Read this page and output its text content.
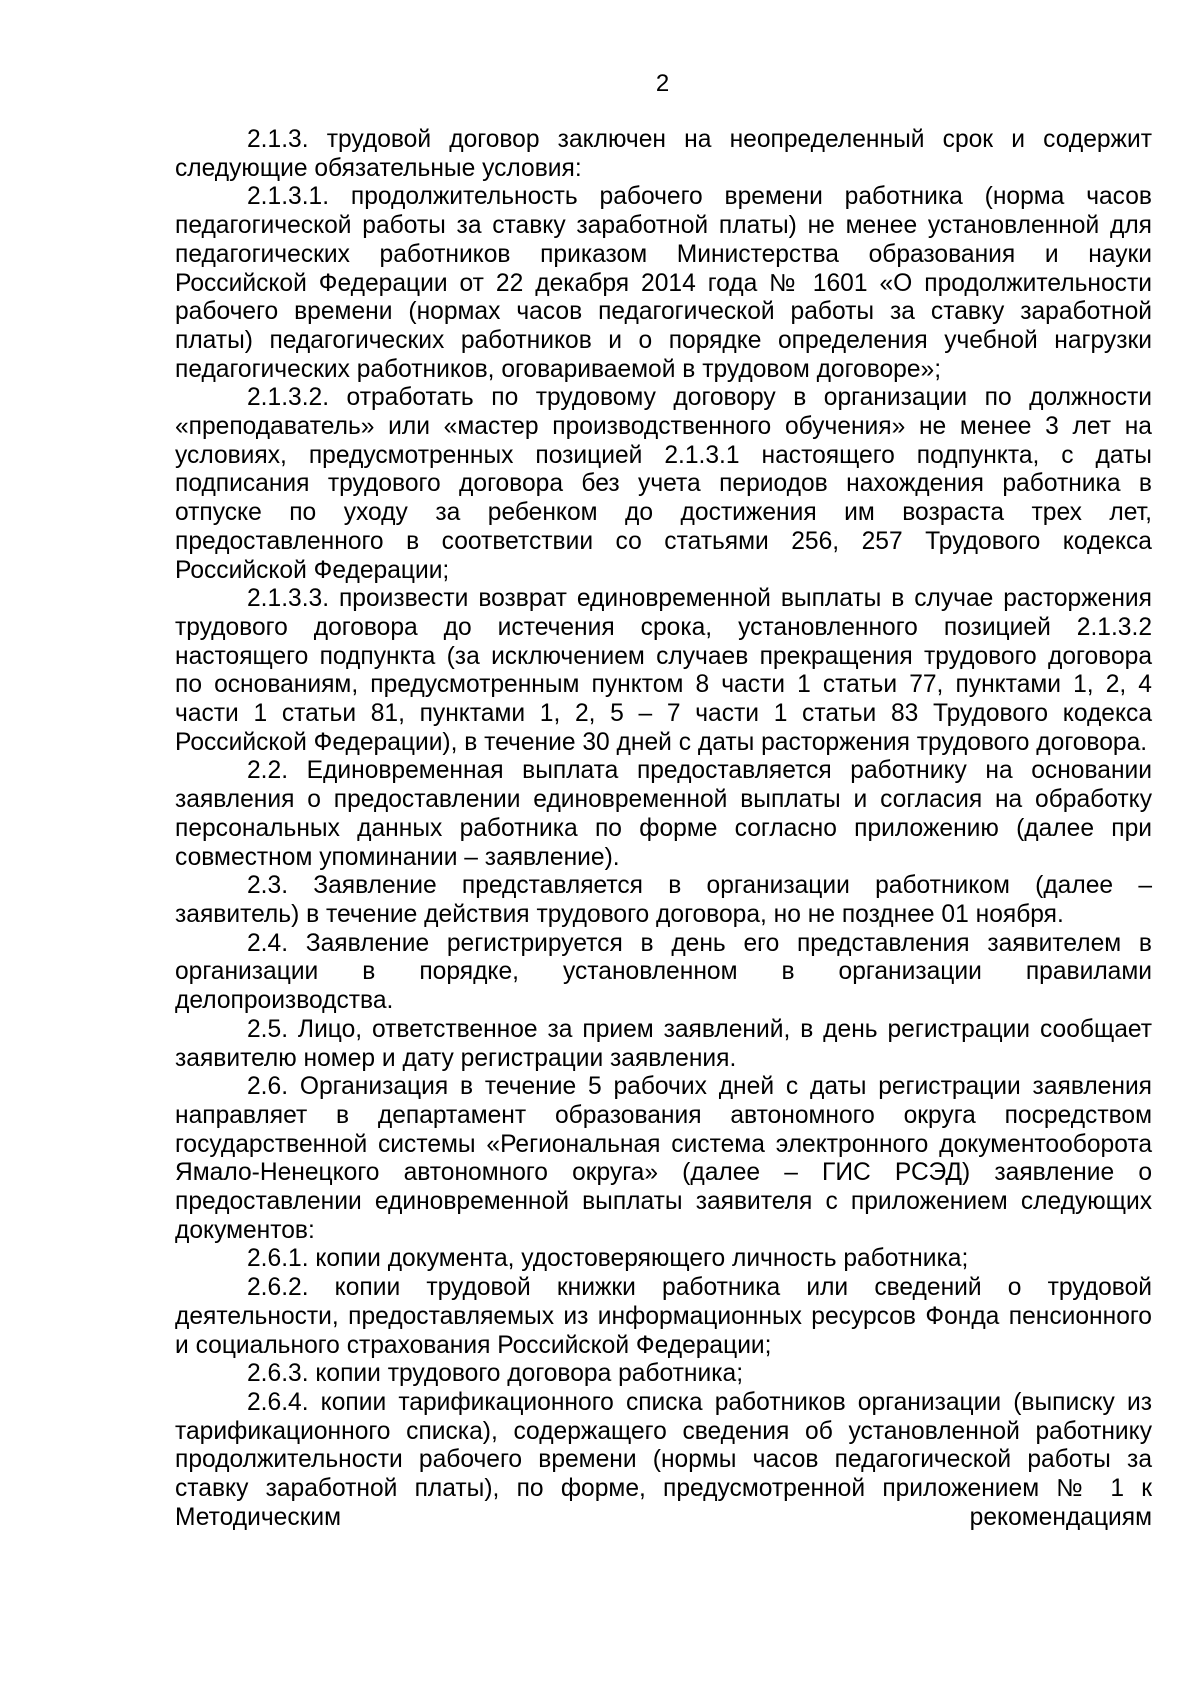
2

2.1.3. трудовой договор заключен на неопределенный срок и содержит следующие обязательные условия:

2.1.3.1. продолжительность рабочего времени работника (норма часов педагогической работы за ставку заработной платы) не менее установленной для педагогических работников приказом Министерства образования и науки Российской Федерации от 22 декабря 2014 года № 1601 «О продолжительности рабочего времени (нормах часов педагогической работы за ставку заработной платы) педагогических работников и о порядке определения учебной нагрузки педагогических работников, оговариваемой в трудовом договоре»;

2.1.3.2. отработать по трудовому договору в организации по должности «преподаватель» или «мастер производственного обучения» не менее 3 лет на условиях, предусмотренных позицией 2.1.3.1 настоящего подпункта, с даты подписания трудового договора без учета периодов нахождения работника в отпуске по уходу за ребенком до достижения им возраста трех лет, предоставленного в соответствии со статьями 256, 257 Трудового кодекса Российской Федерации;

2.1.3.3. произвести возврат единовременной выплаты в случае расторжения трудового договора до истечения срока, установленного позицией 2.1.3.2 настоящего подпункта (за исключением случаев прекращения трудового договора по основаниям, предусмотренным пунктом 8 части 1 статьи 77, пунктами 1, 2, 4 части 1 статьи 81, пунктами 1, 2, 5 – 7 части 1 статьи 83 Трудового кодекса Российской Федерации), в течение 30 дней с даты расторжения трудового договора.

2.2. Единовременная выплата предоставляется работнику на основании заявления о предоставлении единовременной выплаты и согласия на обработку персональных данных работника по форме согласно приложению (далее при совместном упоминании – заявление).

2.3. Заявление представляется в организации работником (далее – заявитель) в течение действия трудового договора, но не позднее 01 ноября.

2.4. Заявление регистрируется в день его представления заявителем в организации в порядке, установленном в организации правилами делопроизводства.

2.5. Лицо, ответственное за прием заявлений, в день регистрации сообщает заявителю номер и дату регистрации заявления.

2.6. Организация в течение 5 рабочих дней с даты регистрации заявления направляет в департамент образования автономного округа посредством государственной системы «Региональная система электронного документооборота Ямало-Ненецкого автономного округа» (далее – ГИС РСЭД) заявление о предоставлении единовременной выплаты заявителя с приложением следующих документов:

2.6.1. копии документа, удостоверяющего личность работника;

2.6.2. копии трудовой книжки работника или сведений о трудовой деятельности, предоставляемых из информационных ресурсов Фонда пенсионного и социального страхования Российской Федерации;

2.6.3. копии трудового договора работника;

2.6.4. копии тарификационного списка работников организации (выписку из тарификационного списка), содержащего сведения об установленной работнику продолжительности рабочего времени (нормы часов педагогической работы за ставку заработной платы), по форме, предусмотренной приложением № 1 к Методическим рекомендациям
